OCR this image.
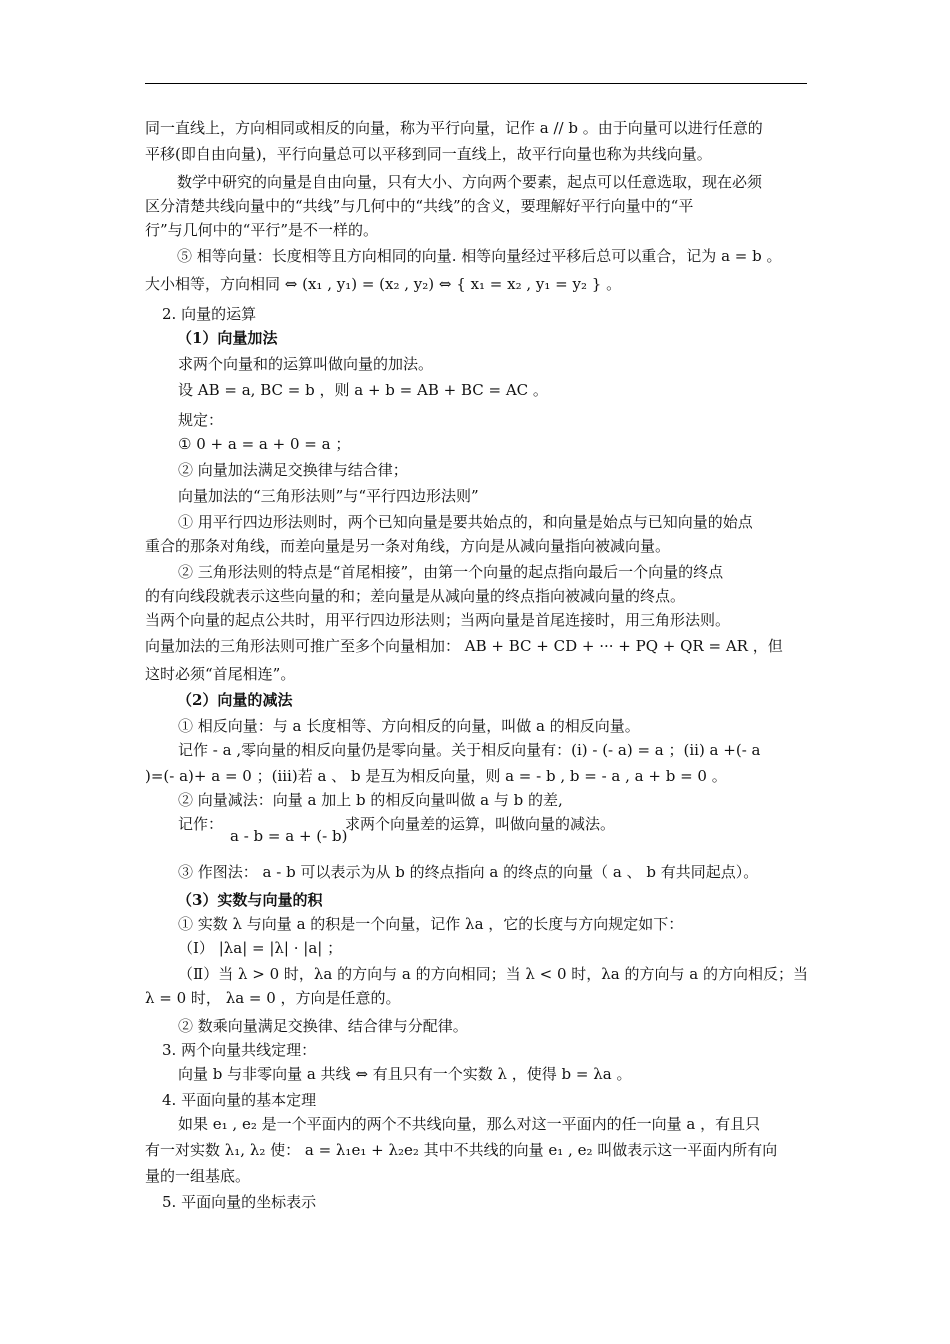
同一直线上，方向相同或相反的向量，称为平行向量，记作 a // b 。由于向量可以进行任意的
平移(即自由向量)，平行向量总可以平移到同一直线上，故平行向量也称为共线向量。
数学中研究的向量是自由向量，只有大小、方向两个要素，起点可以任意选取，现在必须
区分清楚共线向量中的“共线”与几何中的“共线”的含义，要理解好平行向量中的“平
行”与几何中的“平行”是不一样的。
⑤ 相等向量：长度相等且方向相同的向量. 相等向量经过平移后总可以重合，记为 a = b 。
大小相等，方向相同 ⇔ (x₁ , y₁) = (x₂ , y₂) ⇔ { x₁ = x₂ , y₁ = y₂ } 。
2. 向量的运算
（1）向量加法
求两个向量和的运算叫做向量的加法。
设 AB = a, BC = b ，则 a + b = AB + BC = AC 。
规定：
① 0 + a = a + 0 = a ；
② 向量加法满足交换律与结合律；
向量加法的“三角形法则”与“平行四边形法则”
① 用平行四边形法则时，两个已知向量是要共始点的，和向量是始点与已知向量的始点
重合的那条对角线，而差向量是另一条对角线，方向是从减向量指向被减向量。
② 三角形法则的特点是“首尾相接”，由第一个向量的起点指向最后一个向量的终点
的有向线段就表示这些向量的和；差向量是从减向量的终点指向被减向量的终点。
当两个向量的起点公共时，用平行四边形法则；当两向量是首尾连接时，用三角形法则。
向量加法的三角形法则可推广至多个向量相加： AB + BC + CD + ··· + PQ + QR = AR ，但
这时必须“首尾相连”。
（2）向量的减法
① 相反向量：与 a 长度相等、方向相反的向量，叫做 a 的相反向量。
记作 - a ,零向量的相反向量仍是零向量。关于相反向量有：(i) - (- a) = a ；(ii) a +(- a
)=(- a)+ a = 0 ；(iii)若 a 、 b 是互为相反向量，则 a = - b , b = - a , a + b = 0 。
② 向量减法：向量 a 加上 b 的相反向量叫做 a 与 b 的差,
记作：
a - b = a + (- b)
求两个向量差的运算，叫做向量的减法。
③ 作图法： a - b 可以表示为从 b 的终点指向 a 的终点的向量（ a 、 b 有共同起点）。
（3）实数与向量的积
① 实数 λ 与向量 a 的积是一个向量，记作 λa ，它的长度与方向规定如下：
（Ⅰ） |λa| = |λ| · |a| ；
（Ⅱ）当 λ > 0 时，λa 的方向与 a 的方向相同；当 λ < 0 时，λa 的方向与 a 的方向相反；当
λ = 0 时， λa = 0 ，方向是任意的。
② 数乘向量满足交换律、结合律与分配律。
3. 两个向量共线定理：
向量 b 与非零向量 a 共线 ⇔ 有且只有一个实数 λ ，使得 b = λa 。
4. 平面向量的基本定理
如果 e₁ , e₂ 是一个平面内的两个不共线向量，那么对这一平面内的任一向量 a ，有且只
有一对实数 λ₁, λ₂ 使： a = λ₁e₁ + λ₂e₂ 其中不共线的向量 e₁ , e₂ 叫做表示这一平面内所有向
量的一组基底。
5. 平面向量的坐标表示
